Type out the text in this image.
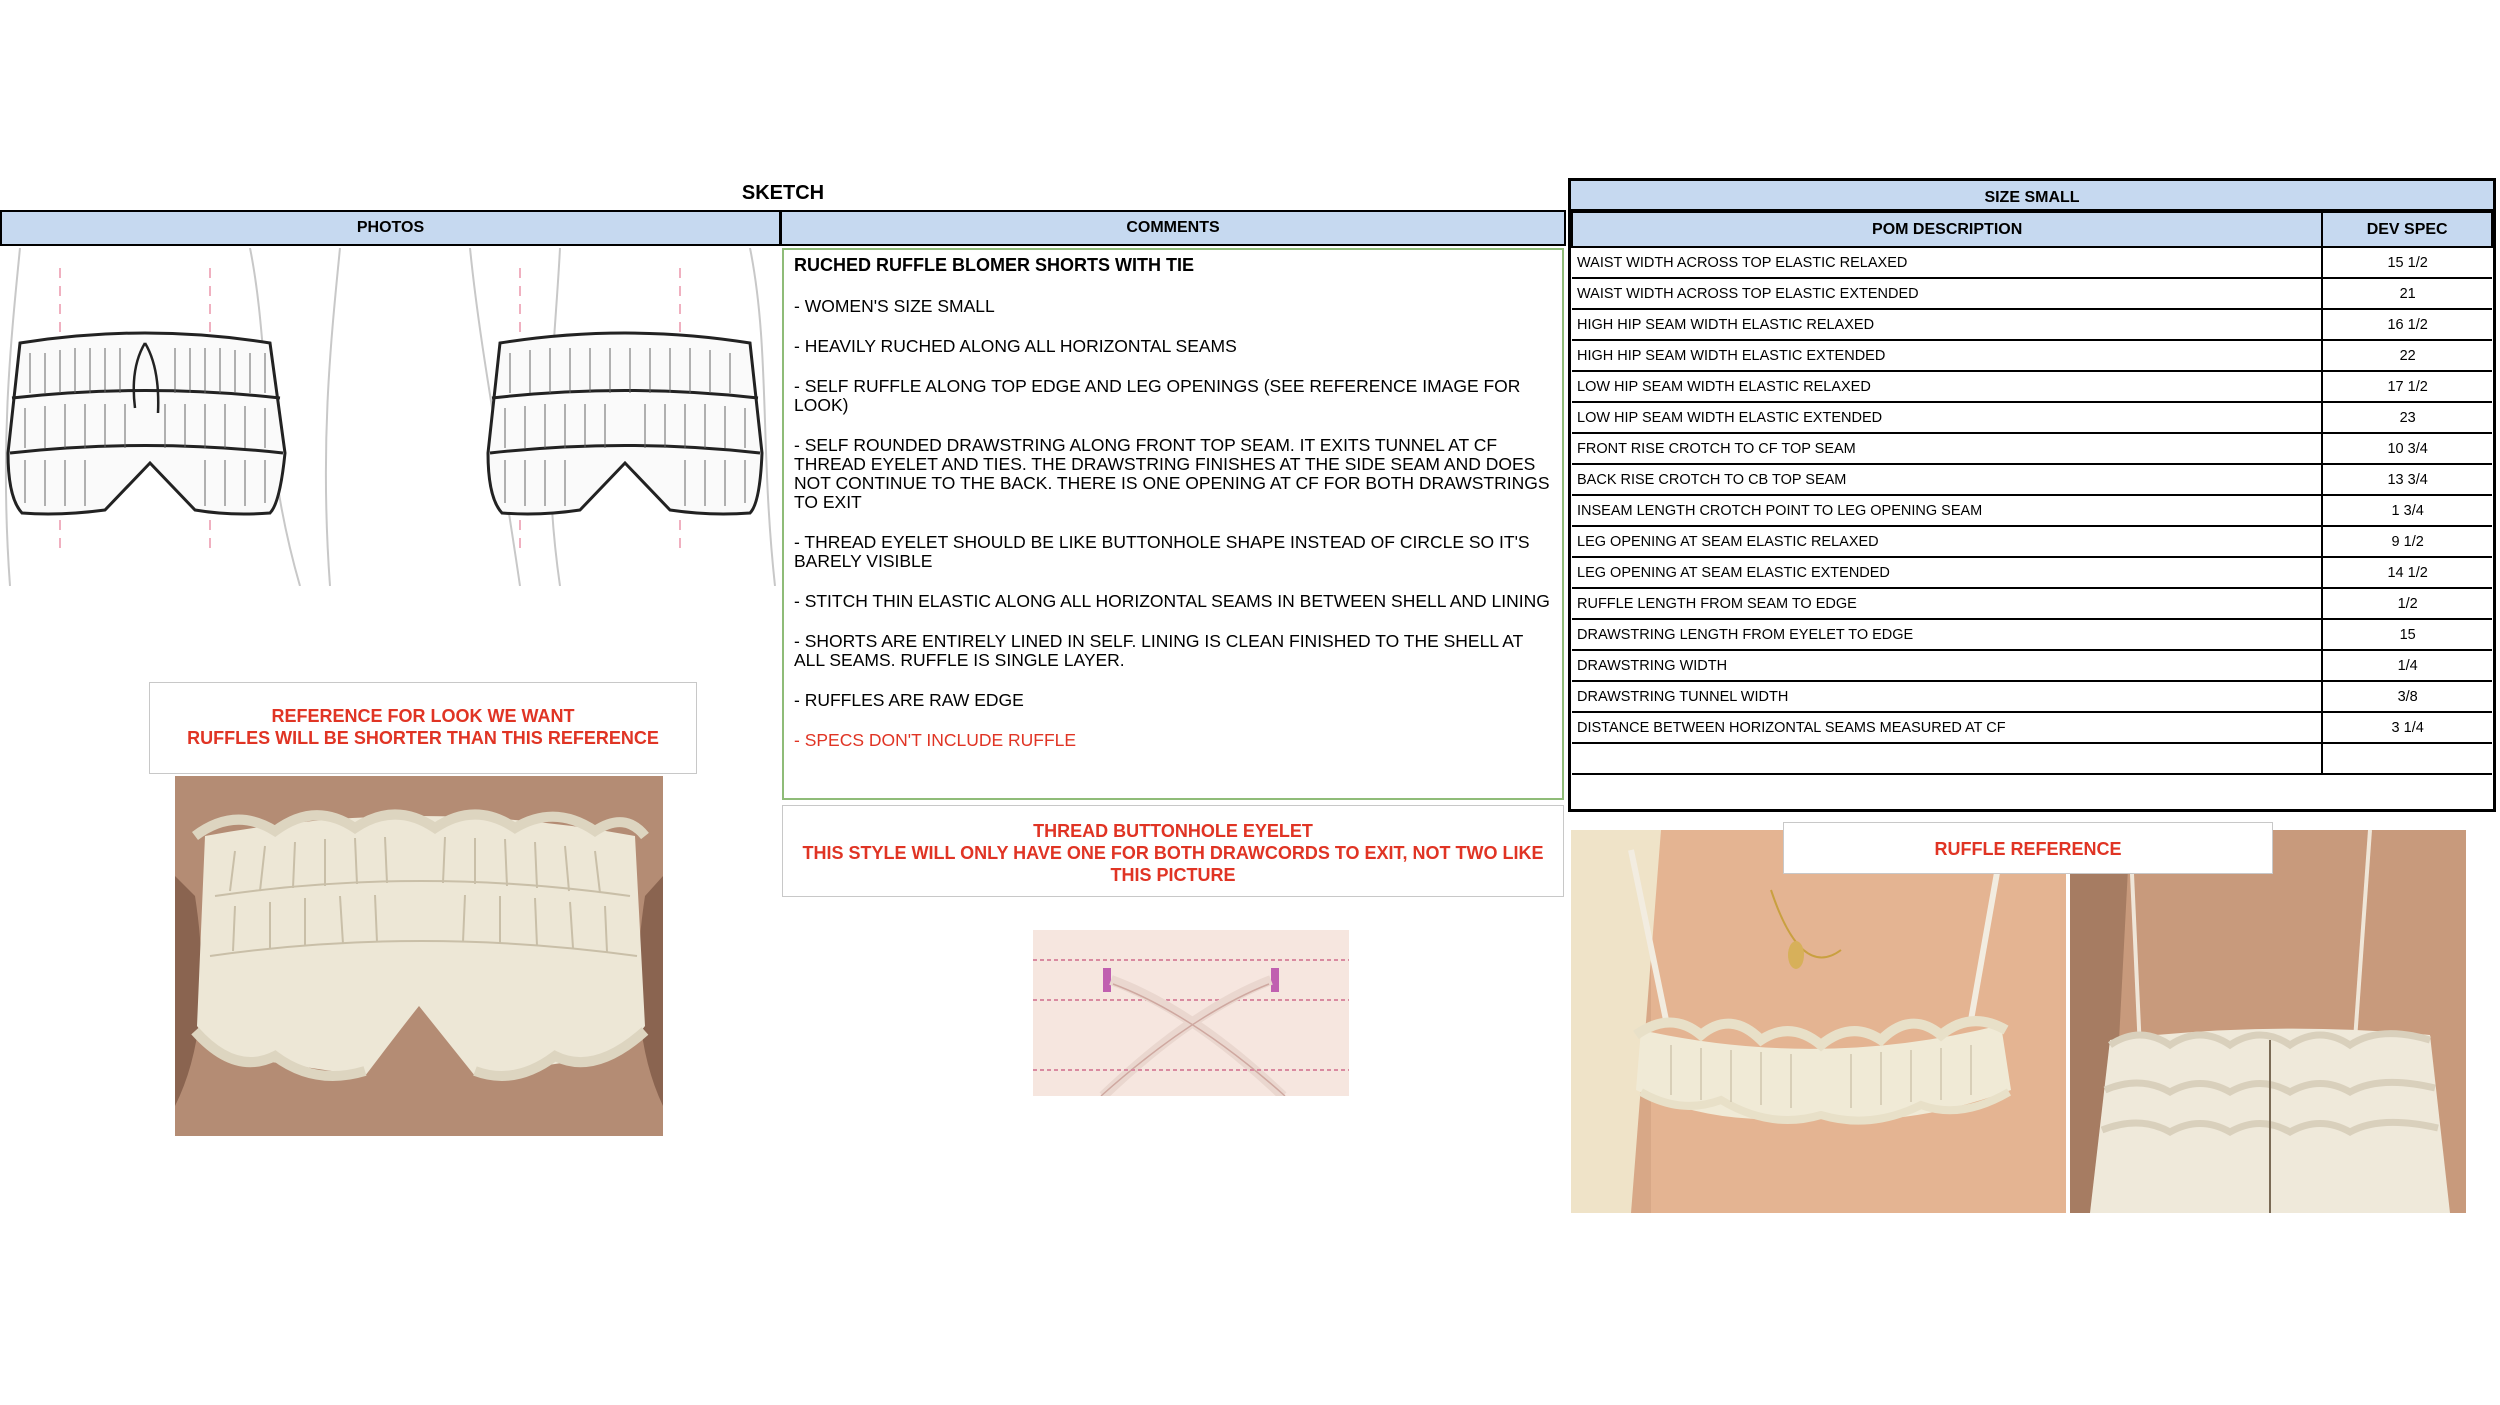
SKETCH
PHOTOS	COMMENTS

RUCHED RUFFLE BLOMER SHORTS WITH TIE

- WOMEN'S SIZE SMALL

- HEAVILY RUCHED ALONG ALL HORIZONTAL SEAMS

- SELF RUFFLE ALONG TOP EDGE AND LEG OPENINGS (SEE REFERENCE IMAGE FOR LOOK)

- SELF ROUNDED DRAWSTRING ALONG FRONT TOP SEAM. IT EXITS TUNNEL AT CF THREAD EYELET AND TIES. THE DRAWSTRING FINISHES AT THE SIDE SEAM AND DOES NOT CONTINUE TO THE BACK. THERE IS ONE OPENING AT CF FOR BOTH DRAWSTRINGS TO EXIT

- THREAD EYELET SHOULD BE LIKE BUTTONHOLE SHAPE INSTEAD OF CIRCLE SO IT'S BARELY VISIBLE

- STITCH THIN ELASTIC ALONG ALL HORIZONTAL SEAMS IN BETWEEN SHELL AND LINING

- SHORTS ARE ENTIRELY LINED IN SELF. LINING IS CLEAN FINISHED TO THE SHELL AT ALL SEAMS. RUFFLE IS SINGLE LAYER.

- RUFFLES ARE RAW EDGE

- SPECS DON'T INCLUDE RUFFLE

REFERENCE FOR LOOK WE WANT
RUFFLES WILL BE SHORTER THAN THIS REFERENCE
THREAD BUTTONHOLE EYELET
THIS STYLE WILL ONLY HAVE ONE FOR BOTH DRAWCORDS TO EXIT, NOT TWO LIKE THIS PICTURE
SIZE SMALL
POM DESCRIPTION	DEV SPEC
WAIST WIDTH ACROSS TOP ELASTIC RELAXED	15 1/2
WAIST WIDTH ACROSS TOP ELASTIC EXTENDED	21
HIGH HIP SEAM WIDTH ELASTIC RELAXED	16 1/2
HIGH HIP SEAM WIDTH ELASTIC EXTENDED	22
LOW HIP SEAM WIDTH ELASTIC RELAXED	17 1/2
LOW HIP SEAM WIDTH ELASTIC EXTENDED	23
FRONT RISE CROTCH TO CF TOP SEAM	10 3/4
BACK RISE CROTCH TO CB TOP SEAM	13 3/4
INSEAM LENGTH CROTCH POINT TO LEG OPENING SEAM	1 3/4
LEG OPENING AT SEAM ELASTIC RELAXED	9 1/2
LEG OPENING AT SEAM ELASTIC EXTENDED	14 1/2
RUFFLE LENGTH FROM SEAM TO EDGE	1/2
DRAWSTRING LENGTH FROM EYELET TO EDGE	15
DRAWSTRING WIDTH	1/4
DRAWSTRING TUNNEL WIDTH	3/8
DISTANCE BETWEEN HORIZONTAL SEAMS MEASURED AT CF	3 1/4

RUFFLE REFERENCE
